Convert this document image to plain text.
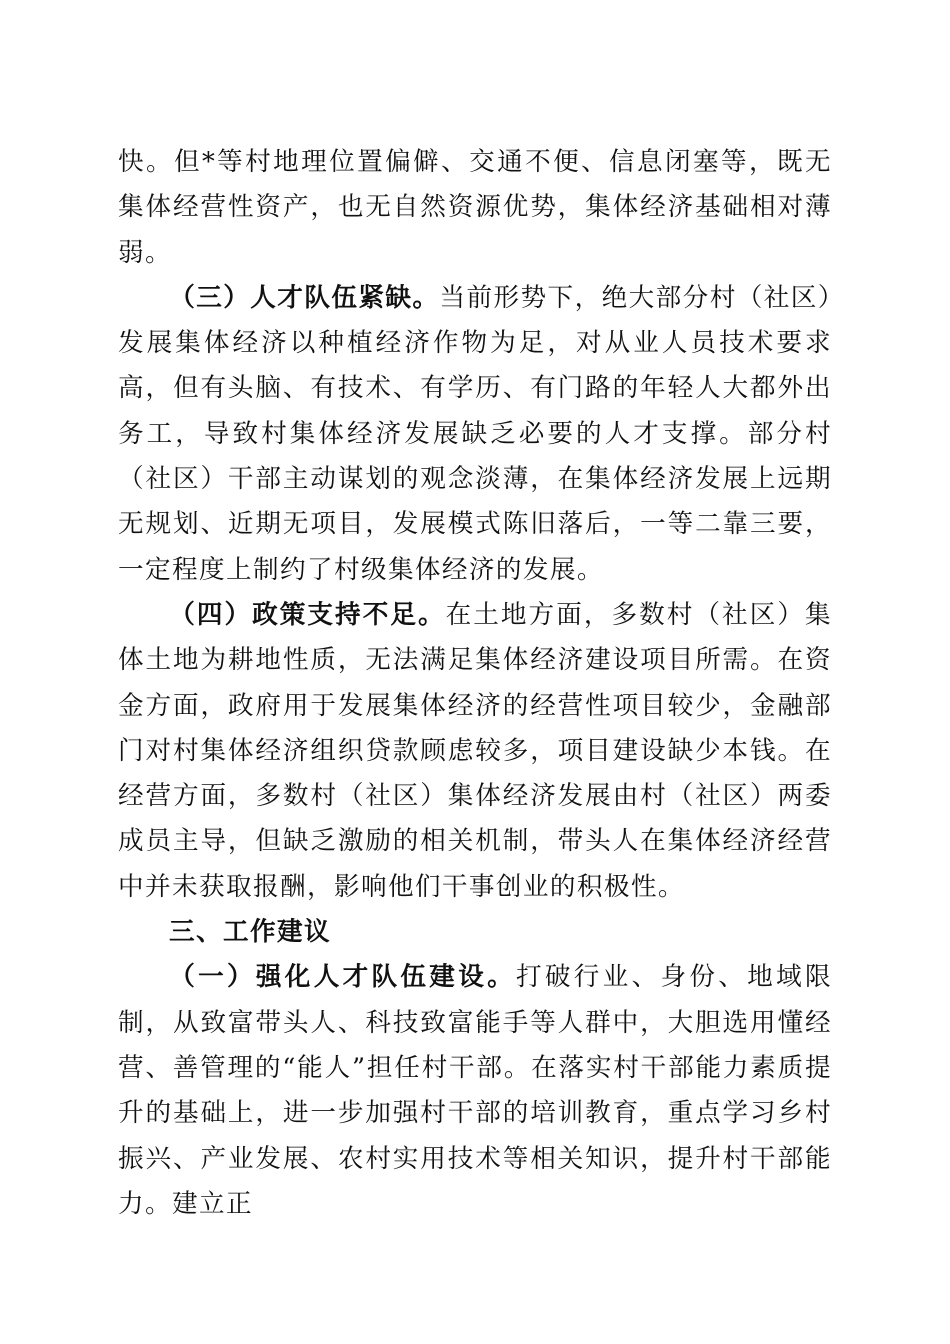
快。但*等村地理位置偏僻、交通不便、信息闭塞等，既无集体经营性资产，也无自然资源优势，集体经济基础相对薄弱。

（三）人才队伍紧缺。当前形势下，绝大部分村（社区）发展集体经济以种植经济作物为足，对从业人员技术要求高，但有头脑、有技术、有学历、有门路的年轻人大都外出务工，导致村集体经济发展缺乏必要的人才支撑。部分村（社区）干部主动谋划的观念淡薄，在集体经济发展上远期无规划、近期无项目，发展模式陈旧落后，一等二靠三要，一定程度上制约了村级集体经济的发展。

（四）政策支持不足。在土地方面，多数村（社区）集体土地为耕地性质，无法满足集体经济建设项目所需。在资金方面，政府用于发展集体经济的经营性项目较少，金融部门对村集体经济组织贷款顾虑较多，项目建设缺少本钱。在经营方面，多数村（社区）集体经济发展由村（社区）两委成员主导，但缺乏激励的相关机制，带头人在集体经济经营中并未获取报酬，影响他们干事创业的积极性。

三、工作建议

（一）强化人才队伍建设。打破行业、身份、地域限制，从致富带头人、科技致富能手等人群中，大胆选用懂经营、善管理的“能人”担任村干部。在落实村干部能力素质提升的基础上，进一步加强村干部的培训教育，重点学习乡村振兴、产业发展、农村实用技术等相关知识，提升村干部能力。建立正
